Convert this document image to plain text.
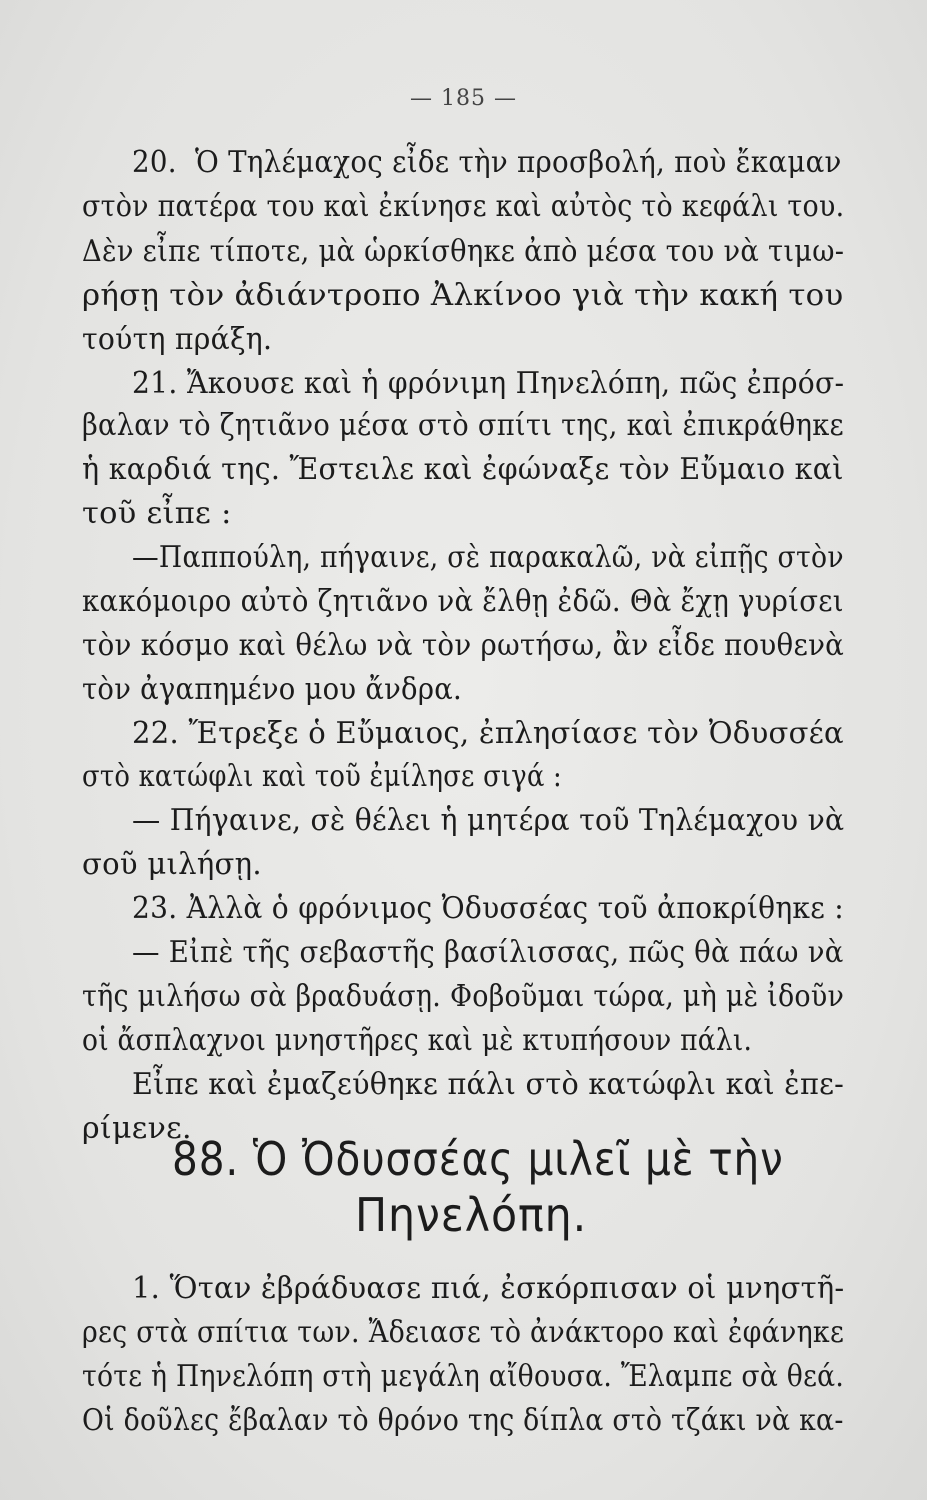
— 185 —
20.  Ὁ Τηλέμαχος εἶδε τὴν προσβολή, ποὺ ἔκαμαν
στὸν πατέρα του καὶ ἐκίνησε καὶ αὐτὸς τὸ κεφάλι του.
Δὲν εἶπε τίποτε, μὰ ὡρκίσθηκε ἀπὸ μέσα του νὰ τιμω-
ρήσῃ τὸν ἀδιάντροπο Ἀλκίνοο γιὰ τὴν κακή του
τούτη πράξη.
21. Ἄκουσε καὶ ἡ φρόνιμη Πηνελόπη, πῶς ἐπρόσ-
βαλαν τὸ ζητιᾶνο μέσα στὸ σπίτι της, καὶ ἐπικράθηκε
ἡ καρδιά της. Ἔστειλε καὶ ἐφώναξε τὸν Εὔμαιο καὶ
τοῦ εἶπε :
—Παππούλη, πήγαινε, σὲ παρακαλῶ, νὰ εἰπῇς στὸν
κακόμοιρο αὐτὸ ζητιᾶνο νὰ ἔλθῃ ἐδῶ. Θὰ ἔχῃ γυρίσει
τὸν κόσμο καὶ θέλω νὰ τὸν ρωτήσω, ἂν εἶδε πουθενὰ
τὸν ἀγαπημένο μου ἄνδρα.
22. Ἔτρεξε ὁ Εὔμαιος, ἐπλησίασε τὸν Ὀδυσσέα
στὸ κατώφλι καὶ τοῦ ἐμίλησε σιγά :
— Πήγαινε, σὲ θέλει ἡ μητέρα τοῦ Τηλέμαχου νὰ
σοῦ μιλήσῃ.
23. Ἀλλὰ ὁ φρόνιμος Ὀδυσσέας τοῦ ἀποκρίθηκε :
— Εἰπὲ τῆς σεβαστῆς βασίλισσας, πῶς θὰ πάω νὰ
τῆς μιλήσω σὰ βραδυάσῃ. Φοβοῦμαι τώρα, μὴ μὲ ἰδοῦν
οἱ ἄσπλαχνοι μνηστῆρες καὶ μὲ κτυπήσουν πάλι.
Εἶπε καὶ ἐμαζεύθηκε πάλι στὸ κατώφλι καὶ ἐπε-
ρίμενε.
88. Ὁ Ὀδυσσέας μιλεῖ μὲ τὴν
Πηνελόπη.
1. Ὅταν ἐβράδυασε πιά, ἐσκόρπισαν οἱ μνηστῆ-
ρες στὰ σπίτια των. Ἄδειασε τὸ ἀνάκτορο καὶ ἐφάνηκε
τότε ἡ Πηνελόπη στὴ μεγάλη αἴθουσα. Ἔλαμπε σὰ θεά.
Οἱ δοῦλες ἔβαλαν τὸ θρόνο της δίπλα στὸ τζάκι νὰ κα-
